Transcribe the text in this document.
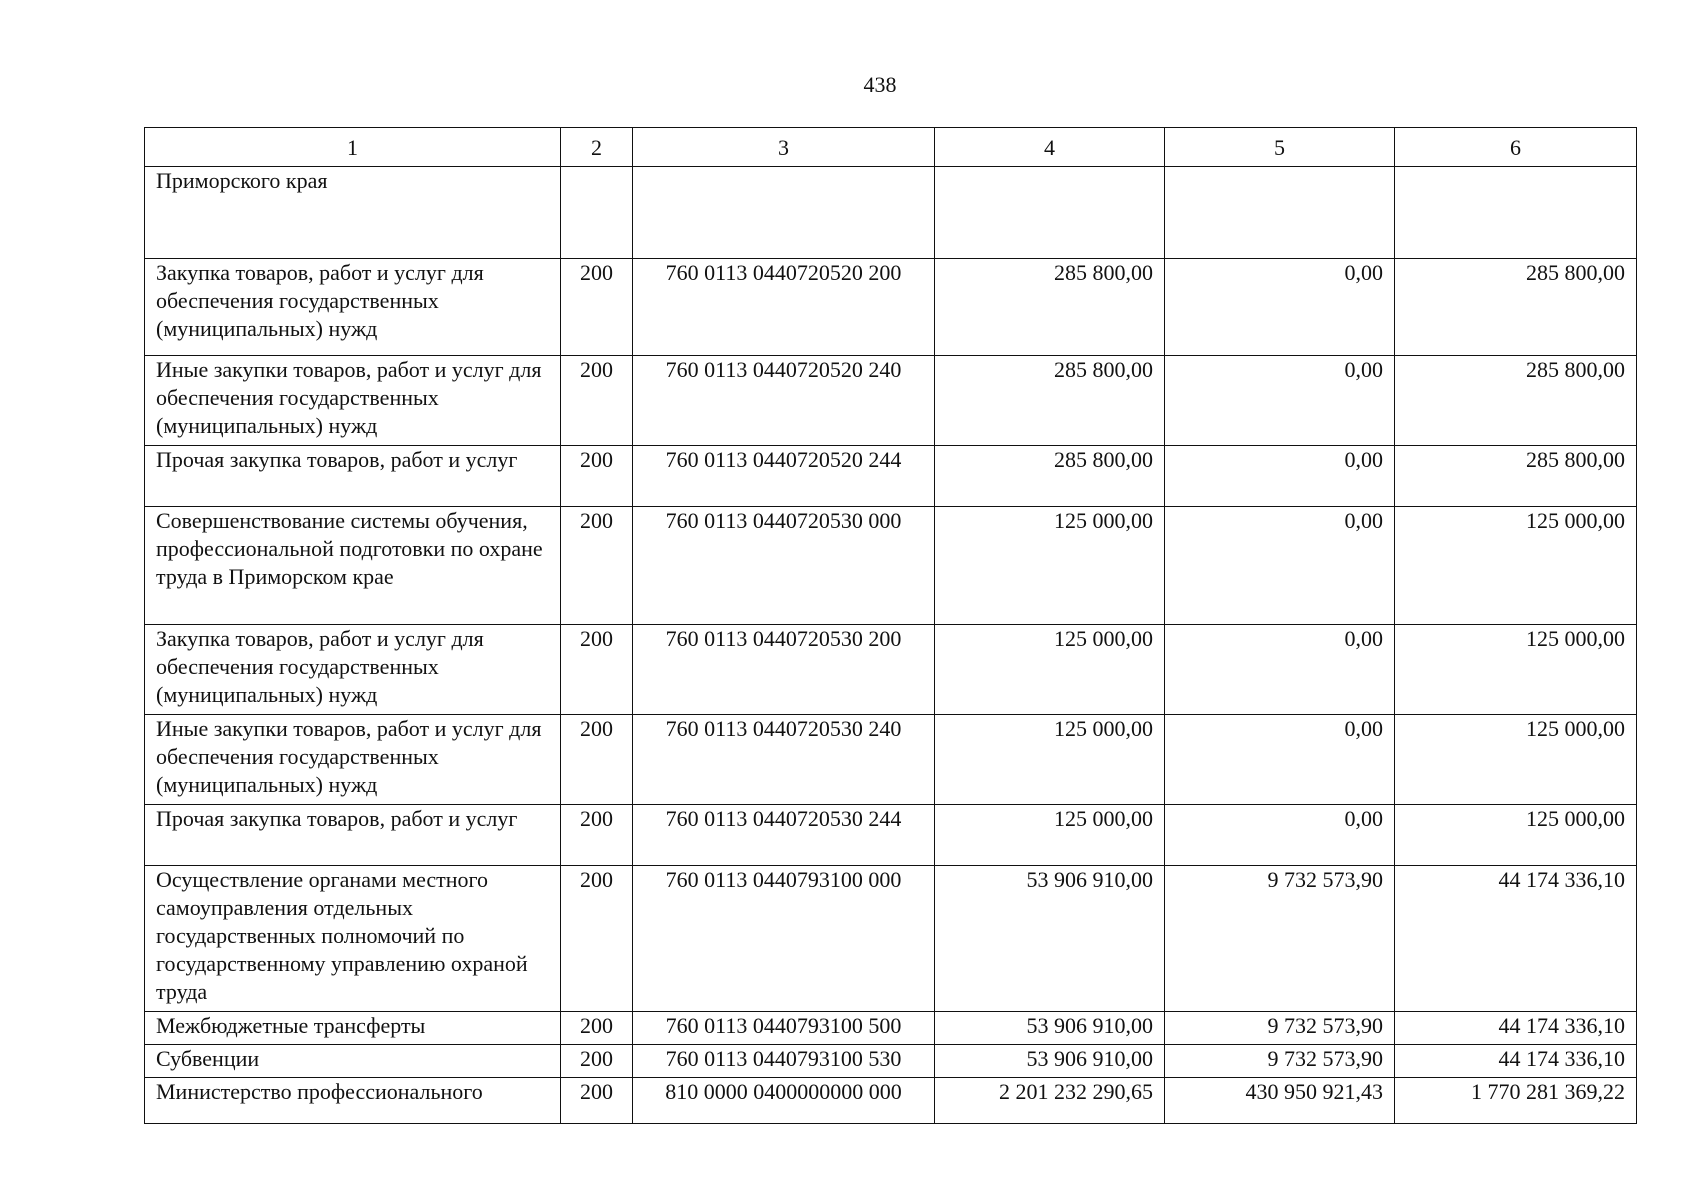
438
1	2	3	4	5	6
Приморского края					
Закупка товаров, работ и услуг для обеспечения государственных (муниципальных) нужд	200	760 0113 0440720520 200	285 800,00	0,00	285 800,00
Иные закупки товаров, работ и услуг для обеспечения государственных (муниципальных) нужд	200	760 0113 0440720520 240	285 800,00	0,00	285 800,00
Прочая закупка товаров, работ и услуг	200	760 0113 0440720520 244	285 800,00	0,00	285 800,00
Совершенствование системы обучения, профессиональной подготовки по охране труда в Приморском крае	200	760 0113 0440720530 000	125 000,00	0,00	125 000,00
Закупка товаров, работ и услуг для обеспечения государственных (муниципальных) нужд	200	760 0113 0440720530 200	125 000,00	0,00	125 000,00
Иные закупки товаров, работ и услуг для обеспечения государственных (муниципальных) нужд	200	760 0113 0440720530 240	125 000,00	0,00	125 000,00
Прочая закупка товаров, работ и услуг	200	760 0113 0440720530 244	125 000,00	0,00	125 000,00
Осуществление органами местного самоуправления отдельных государственных полномочий по государственному управлению охраной труда	200	760 0113 0440793100 000	53 906 910,00	9 732 573,90	44 174 336,10
Межбюджетные трансферты	200	760 0113 0440793100 500	53 906 910,00	9 732 573,90	44 174 336,10
Субвенции	200	760 0113 0440793100 530	53 906 910,00	9 732 573,90	44 174 336,10
Министерство профессионального	200	810 0000 0400000000 000	2 201 232 290,65	430 950 921,43	1 770 281 369,22
